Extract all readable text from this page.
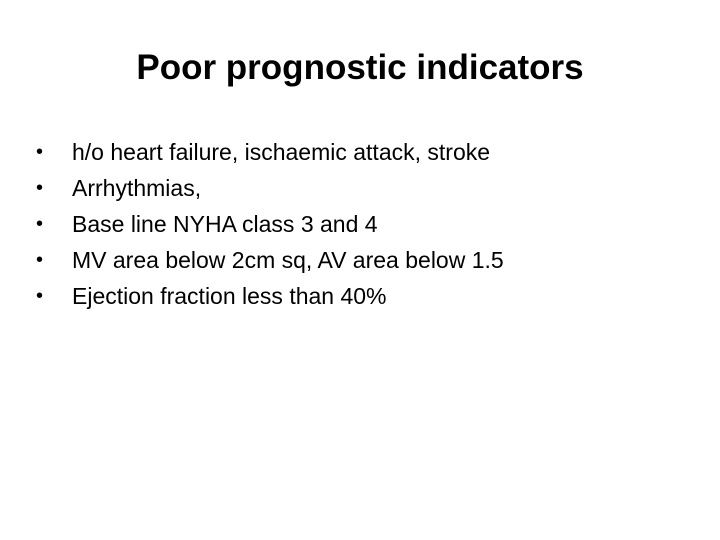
Poor prognostic indicators
•	h/o heart failure, ischaemic attack, stroke
•	Arrhythmias,
•	Base line NYHA class 3 and 4
•	MV area below 2cm sq, AV area below 1.5
•	Ejection fraction less than 40%
